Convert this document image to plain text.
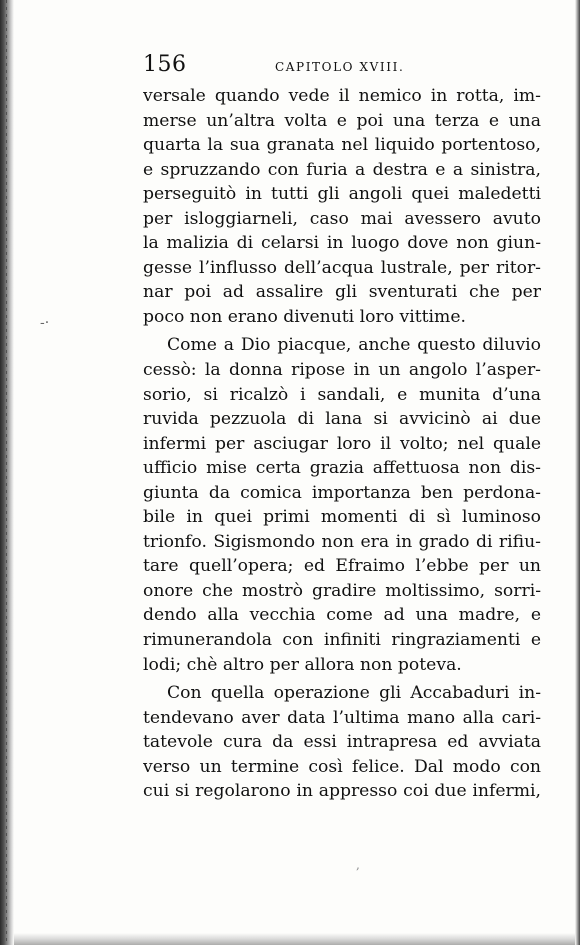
156	CAPITOLO XVIII.
-·
,
versale quando vede il nemico in rotta, im-
merse un’altra volta e poi una terza e una
quarta la sua granata nel liquido portentoso,
e spruzzando con furia a destra e a sinistra,
perseguitò in tutti gli angoli quei maledetti
per isloggiarneli, caso mai avessero avuto
la malizia di celarsi in luogo dove non giun-
gesse l’influsso dell’acqua lustrale, per ritor-
nar poi ad assalire gli sventurati che per
poco non erano divenuti loro vittime.
Come a Dio piacque, anche questo diluvio
cessò: la donna ripose in un angolo l’asper-
sorio, si ricalzò i sandali, e munita d’una
ruvida pezzuola di lana si avvicinò ai due
infermi per asciugar loro il volto; nel quale
ufficio mise certa grazia affettuosa non dis-
giunta da comica importanza ben perdona-
bile in quei primi momenti di sì luminoso
trionfo. Sigismondo non era in grado di rifiu-
tare quell’opera; ed Efraimo l’ebbe per un
onore che mostrò gradire moltissimo, sorri-
dendo alla vecchia come ad una madre, e
rimunerandola con infiniti ringraziamenti e
lodi; chè altro per allora non poteva.
Con quella operazione gli Accabaduri in-
tendevano aver data l’ultima mano alla cari-
tatevole cura da essi intrapresa ed avviata
verso un termine così felice. Dal modo con
cui si regolarono in appresso coi due infermi,
